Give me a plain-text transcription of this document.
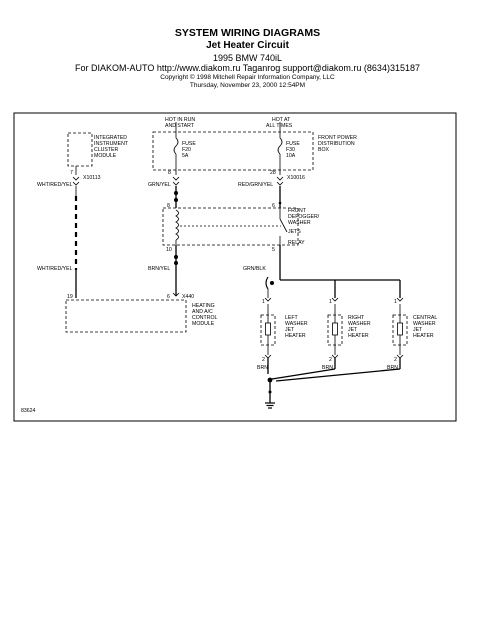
SYSTEM WIRING DIAGRAMS
Jet Heater Circuit
1995 BMW 740iL
For DIAKOM-AUTO http://www.diakom.ru Taganrog support@diakom.ru (8634)315187
Copyright © 1998 Mitchell Repair Information Company, LLC
Thursday, November 23, 2000 12:54PM
HOT IN RUN
AND START
HOT AT
ALL TIMES
INTEGRATED
INSTRUMENT
CLUSTER
MODULE
FRONT POWER
DISTRIBUTION
BOX
FUSE
F20
5A
FUSE
F30
10A
7
X10113
WHT/RED/YEL
8	28
X10016
GRN/YEL	RED/GRN/YEL
8	6
FRONT
DEFOGGER/
WASHER
JETS
RELAY
10	5
WHT/RED/YEL	BRN/YEL	GRN/BLK
19	6 X440
HEATING
AND A/C
CONTROL
MODULE
1	1	1
LEFT
WASHER
JET
HEATER
RIGHT
WASHER
JET
HEATER
CENTRAL
WASHER
JET
HEATER
2	2	2
BRN	BRN	BRN
83624
